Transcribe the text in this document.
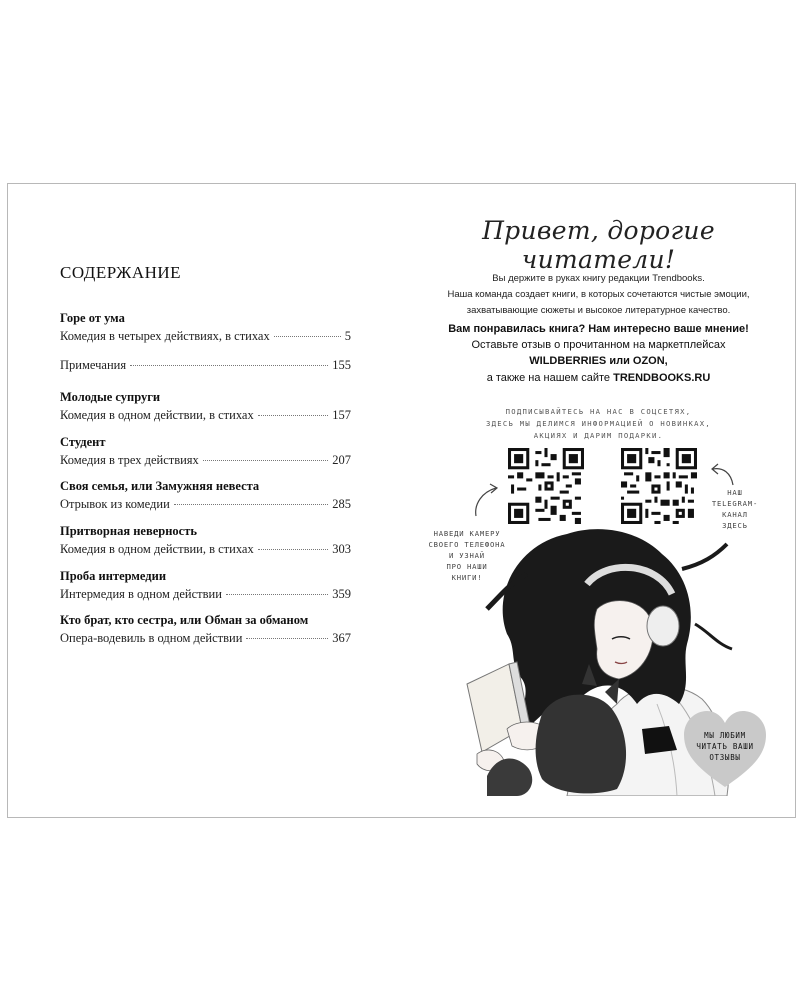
СОДЕРЖАНИЕ
Горе от ума
Комедия в четырех действиях, в стихах	5
Примечания	155
Молодые супруги
Комедия в одном действии, в стихах	157
Студент
Комедия в трех действиях	207
Своя семья, или Замужняя невеста
Отрывок из комедии	285
Притворная неверность
Комедия в одном действии, в стихах	303
Проба интермедии
Интермедия в одном действии	359
Кто брат, кто сестра, или Обман за обманом
Опера-водевиль в одном действии	367
Привет, дорогие читатели!
Вы держите в руках книгу редакции Trendbooks.
Наша команда создает книги, в которых сочетаются чистые эмоции,
захватывающие сюжеты и высокое литературное качество.
Вам понравилась книга? Нам интересно ваше мнение!
Оставьте отзыв о прочитанном на маркетплейсах
WILDBERRIES или OZON,
а также на нашем сайте TRENDBOOKS.RU
ПОДПИСЫВАЙТЕСЬ НА НАС В СОЦСЕТЯХ,
ЗДЕСЬ МЫ ДЕЛИМСЯ ИНФОРМАЦИЕЙ О НОВИНКАХ,
АКЦИЯХ И ДАРИМ ПОДАРКИ.
НАШ
TELEGRAM-
КАНАЛ
ЗДЕСЬ
НАВЕДИ КАМЕРУ
СВОЕГО ТЕЛЕФОНА
И УЗНАЙ
ПРО НАШИ
КНИГИ!
МЫ ЛЮБИМ
ЧИТАТЬ ВАШИ
ОТЗЫВЫ
